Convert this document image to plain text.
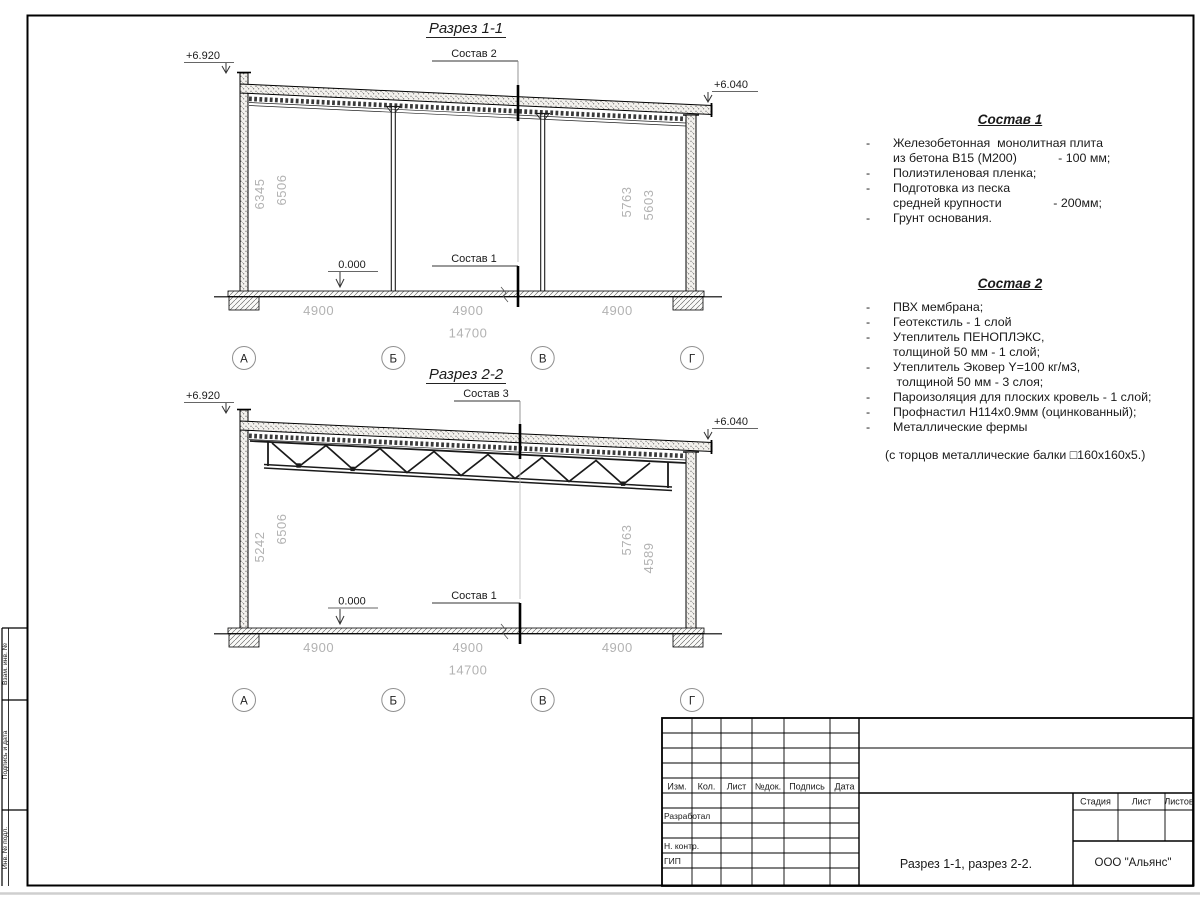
Разрез 1-1
+6.920
+6.040
6345 6506	5763 5603
0.000
Состав 2
Состав 1
4900	4900	4900
14700
А	Б	В	Г
Разрез 2-2
+6.920
+6.040
5242
6506	5763
4589
0.000
Состав 3
Состав 1
4900	4900	4900
14700
А	Б	В	Г
Взам. инв. №
Подпись и дата
Инв. № подл.
Изм. Кол. Лист №док. Подпись Дата
Разработал
Н. контр.
ГИП
Стадия Лист Листов
Разрез 1-1, разрез 2-2.	ООО "Альянс"
Состав 1
-	Железобетонная  монолитная плита
из бетона В15 (М200)            - 100 мм;
-	Полиэтиленовая пленка;
-	Подготовка из песка
средней крупности               - 200мм;
-	Грунт основания.
Состав 2
-	ПВХ мембрана;
-	Геотекстиль - 1 слой
-	Утеплитель ПЕНОПЛЭКС,
толщиной 50 мм - 1 слой;
-	Утеплитель Эковер Y=100 кг/м3,
толщиной 50 мм - 3 слоя;
-	Пароизоляция для плоских кровель - 1 слой;
-	Профнастил Н114х0.9мм (оцинкованный);
-	Металлические фермы
(с торцов металлические балки □160х160х5.)
